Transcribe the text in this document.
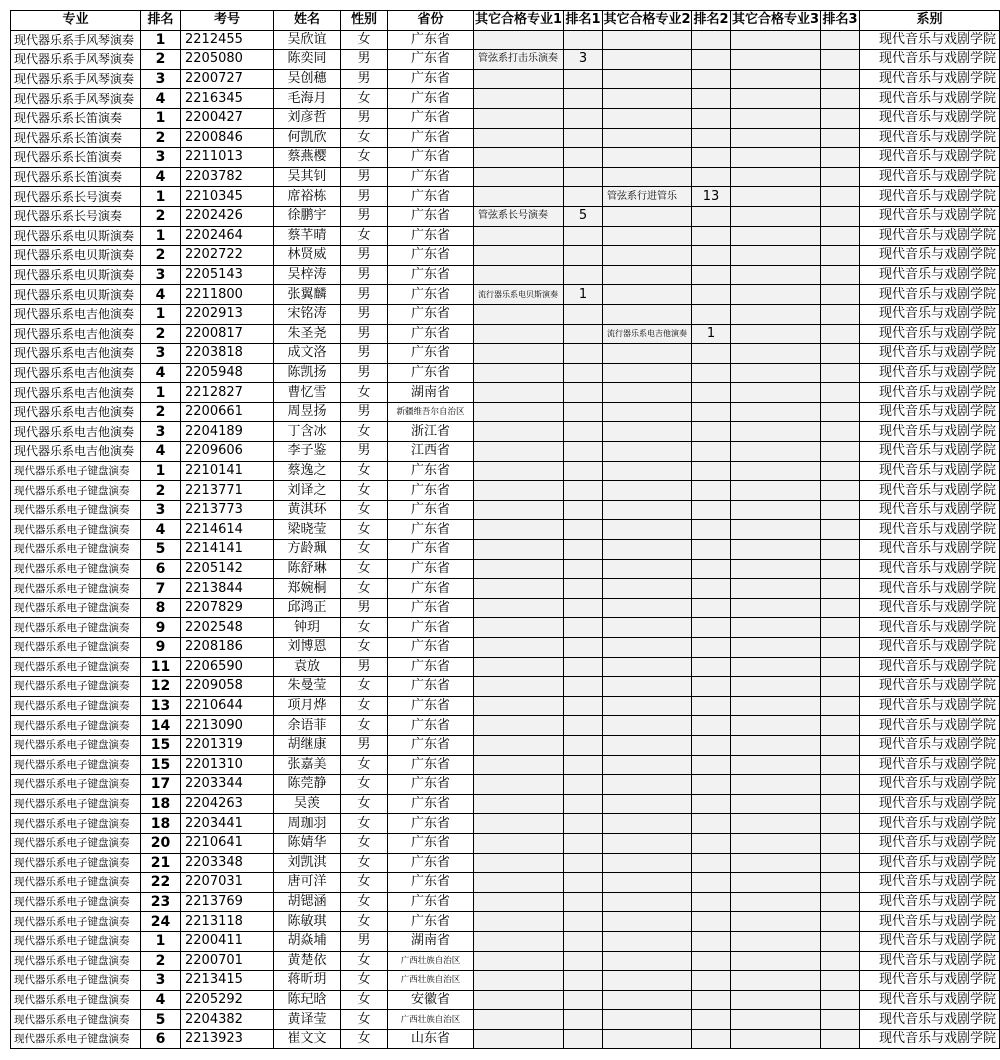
专业	排名	考号	姓名	性别	省份	其它合格专业1	排名1	其它合格专业2	排名2	其它合格专业3	排名3	系别
现代器乐系手风琴演奏	1	2212455	吴欣谊	女	广东省							现代音乐与戏剧学院
现代器乐系手风琴演奏	2	2205080	陈奕同	男	广东省	管弦系打击乐演奏	3					现代音乐与戏剧学院
现代器乐系手风琴演奏	3	2200727	吴创穗	男	广东省							现代音乐与戏剧学院
现代器乐系手风琴演奏	4	2216345	毛海月	女	广东省							现代音乐与戏剧学院
现代器乐系长笛演奏	1	2200427	刘彦哲	男	广东省							现代音乐与戏剧学院
现代器乐系长笛演奏	2	2200846	何凯欣	女	广东省							现代音乐与戏剧学院
现代器乐系长笛演奏	3	2211013	蔡燕樱	女	广东省							现代音乐与戏剧学院
现代器乐系长笛演奏	4	2203782	吴其钊	男	广东省							现代音乐与戏剧学院
现代器乐系长号演奏	1	2210345	席裕栋	男	广东省			管弦系行进管乐	13			现代音乐与戏剧学院
现代器乐系长号演奏	2	2202426	徐鹏宇	男	广东省	管弦系长号演奏	5					现代音乐与戏剧学院
现代器乐系电贝斯演奏	1	2202464	蔡芊晴	女	广东省							现代音乐与戏剧学院
现代器乐系电贝斯演奏	2	2202722	林贤威	男	广东省							现代音乐与戏剧学院
现代器乐系电贝斯演奏	3	2205143	吴梓涛	男	广东省							现代音乐与戏剧学院
现代器乐系电贝斯演奏	4	2211800	张翼麟	男	广东省	流行器乐系电贝斯演奏	1					现代音乐与戏剧学院
现代器乐系电吉他演奏	1	2202913	宋铭涛	男	广东省							现代音乐与戏剧学院
现代器乐系电吉他演奏	2	2200817	朱圣尧	男	广东省			流行器乐系电吉他演奏	1			现代音乐与戏剧学院
现代器乐系电吉他演奏	3	2203818	成文洛	男	广东省							现代音乐与戏剧学院
现代器乐系电吉他演奏	4	2205948	陈凯扬	男	广东省							现代音乐与戏剧学院
现代器乐系电吉他演奏	1	2212827	曹忆雪	女	湖南省							现代音乐与戏剧学院
现代器乐系电吉他演奏	2	2200661	周昱扬	男	新疆维吾尔自治区							现代音乐与戏剧学院
现代器乐系电吉他演奏	3	2204189	丁含冰	女	浙江省							现代音乐与戏剧学院
现代器乐系电吉他演奏	4	2209606	李子鉴	男	江西省							现代音乐与戏剧学院
现代器乐系电子键盘演奏	1	2210141	蔡逸之	女	广东省							现代音乐与戏剧学院
现代器乐系电子键盘演奏	2	2213771	刘译之	女	广东省							现代音乐与戏剧学院
现代器乐系电子键盘演奏	3	2213773	黄淇环	女	广东省							现代音乐与戏剧学院
现代器乐系电子键盘演奏	4	2214614	梁晓莹	女	广东省							现代音乐与戏剧学院
现代器乐系电子键盘演奏	5	2214141	方龄珮	女	广东省							现代音乐与戏剧学院
现代器乐系电子键盘演奏	6	2205142	陈舒琳	女	广东省							现代音乐与戏剧学院
现代器乐系电子键盘演奏	7	2213844	郑婉桐	女	广东省							现代音乐与戏剧学院
现代器乐系电子键盘演奏	8	2207829	邱鸿正	男	广东省							现代音乐与戏剧学院
现代器乐系电子键盘演奏	9	2202548	钟玥	女	广东省							现代音乐与戏剧学院
现代器乐系电子键盘演奏	9	2208186	刘博恩	女	广东省							现代音乐与戏剧学院
现代器乐系电子键盘演奏	11	2206590	袁放	男	广东省							现代音乐与戏剧学院
现代器乐系电子键盘演奏	12	2209058	朱曼莹	女	广东省							现代音乐与戏剧学院
现代器乐系电子键盘演奏	13	2210644	项月烨	女	广东省							现代音乐与戏剧学院
现代器乐系电子键盘演奏	14	2213090	余语菲	女	广东省							现代音乐与戏剧学院
现代器乐系电子键盘演奏	15	2201319	胡继康	男	广东省							现代音乐与戏剧学院
现代器乐系电子键盘演奏	15	2201310	张嘉美	女	广东省							现代音乐与戏剧学院
现代器乐系电子键盘演奏	17	2203344	陈莞静	女	广东省							现代音乐与戏剧学院
现代器乐系电子键盘演奏	18	2204263	吴羡	女	广东省							现代音乐与戏剧学院
现代器乐系电子键盘演奏	18	2203441	周珈羽	女	广东省							现代音乐与戏剧学院
现代器乐系电子键盘演奏	20	2210641	陈婧华	女	广东省							现代音乐与戏剧学院
现代器乐系电子键盘演奏	21	2203348	刘凯淇	女	广东省							现代音乐与戏剧学院
现代器乐系电子键盘演奏	22	2207031	唐可洋	女	广东省							现代音乐与戏剧学院
现代器乐系电子键盘演奏	23	2213769	胡锶涵	女	广东省							现代音乐与戏剧学院
现代器乐系电子键盘演奏	24	2213118	陈敏琪	女	广东省							现代音乐与戏剧学院
现代器乐系电子键盘演奏	1	2200411	胡焱埔	男	湖南省							现代音乐与戏剧学院
现代器乐系电子键盘演奏	2	2200701	黄楚依	女	广西壮族自治区							现代音乐与戏剧学院
现代器乐系电子键盘演奏	3	2213415	蒋昕玥	女	广西壮族自治区							现代音乐与戏剧学院
现代器乐系电子键盘演奏	4	2205292	陈玘晗	女	安徽省							现代音乐与戏剧学院
现代器乐系电子键盘演奏	5	2204382	黄译莹	女	广西壮族自治区							现代音乐与戏剧学院
现代器乐系电子键盘演奏	6	2213923	崔文文	女	山东省							现代音乐与戏剧学院
